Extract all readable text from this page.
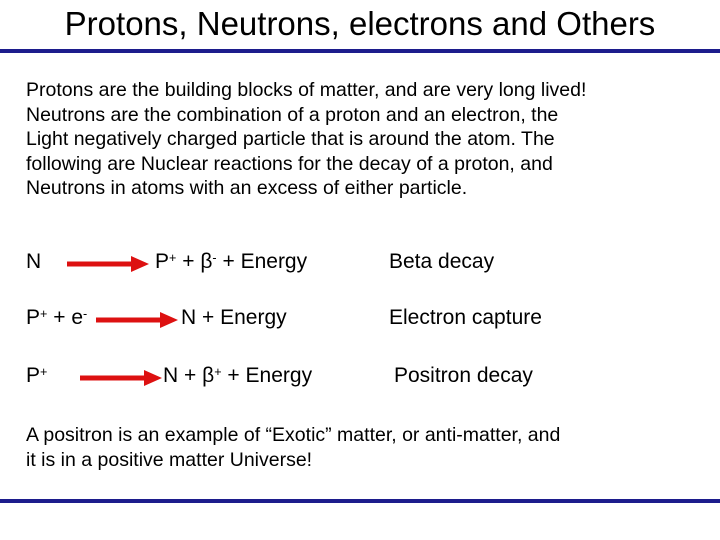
Protons, Neutrons, electrons and Others
Protons are the building blocks of matter, and are very long lived!
Neutrons are the combination of a proton and an electron, the
Light negatively charged particle that is around the atom. The
following are Nuclear reactions for the decay of a proton, and
Neutrons in atoms with an excess of either particle.
N	P+ + β- + Energy	Beta decay
P+ + e-	N + Energy	Electron capture
P+	N + β+ + Energy	Positron decay
A positron is an example of “Exotic” matter, or anti-matter, and
it is in a positive matter Universe!
